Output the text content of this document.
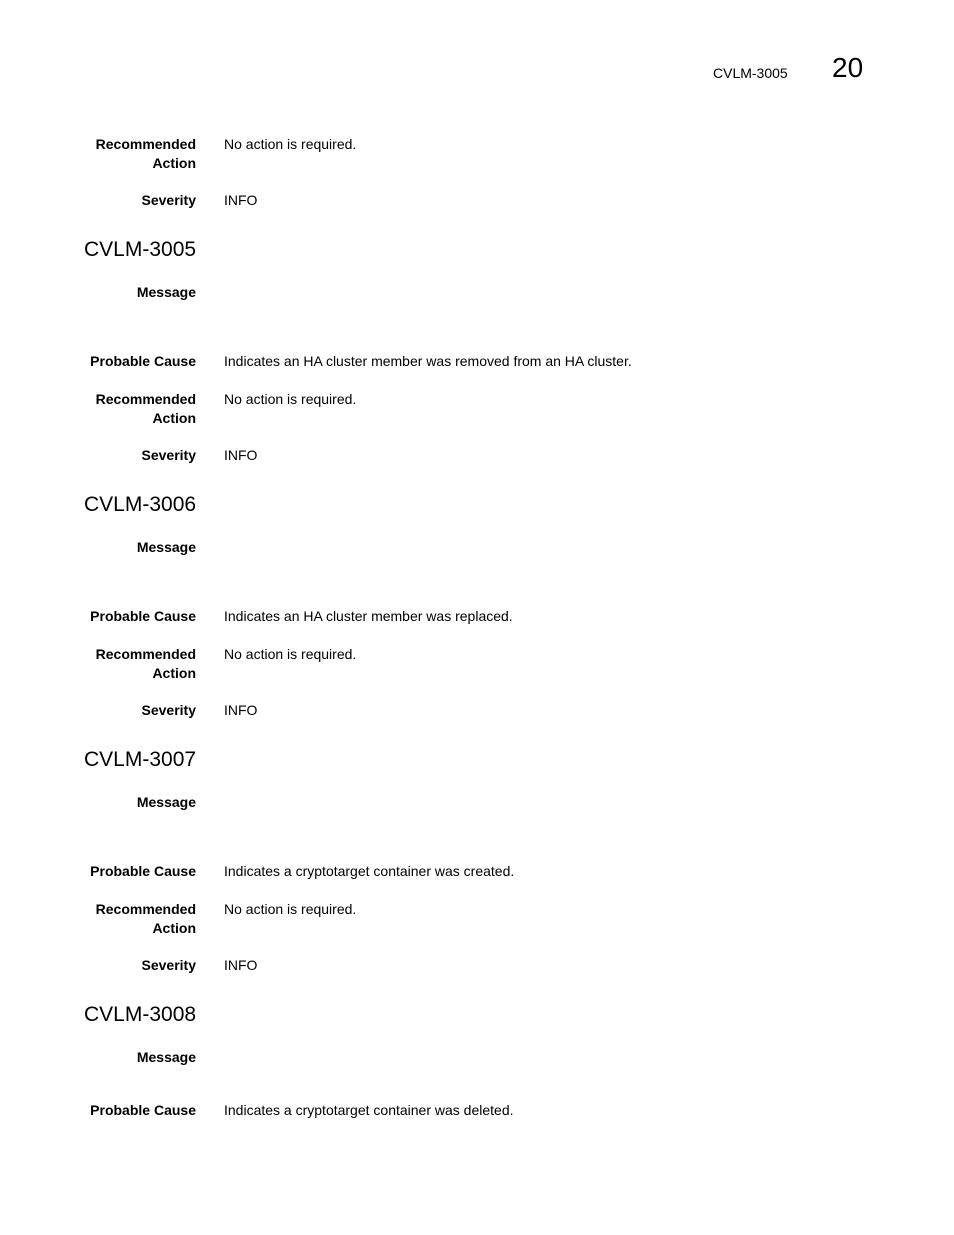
CVLM-3005 20
Recommended
Action
No action is required.
Severity INFO
CVLM-3005
Message
Probable Cause Indicates an HA cluster member was removed from an HA cluster.
Recommended
Action
No action is required.
Severity INFO
CVLM-3006
Message
Probable Cause Indicates an HA cluster member was replaced.
Recommended
Action
No action is required.
Severity INFO
CVLM-3007
Message
Probable Cause Indicates a cryptotarget container was created.
Recommended
Action
No action is required.
Severity INFO
CVLM-3008
Message
Probable Cause Indicates a cryptotarget container was deleted.
